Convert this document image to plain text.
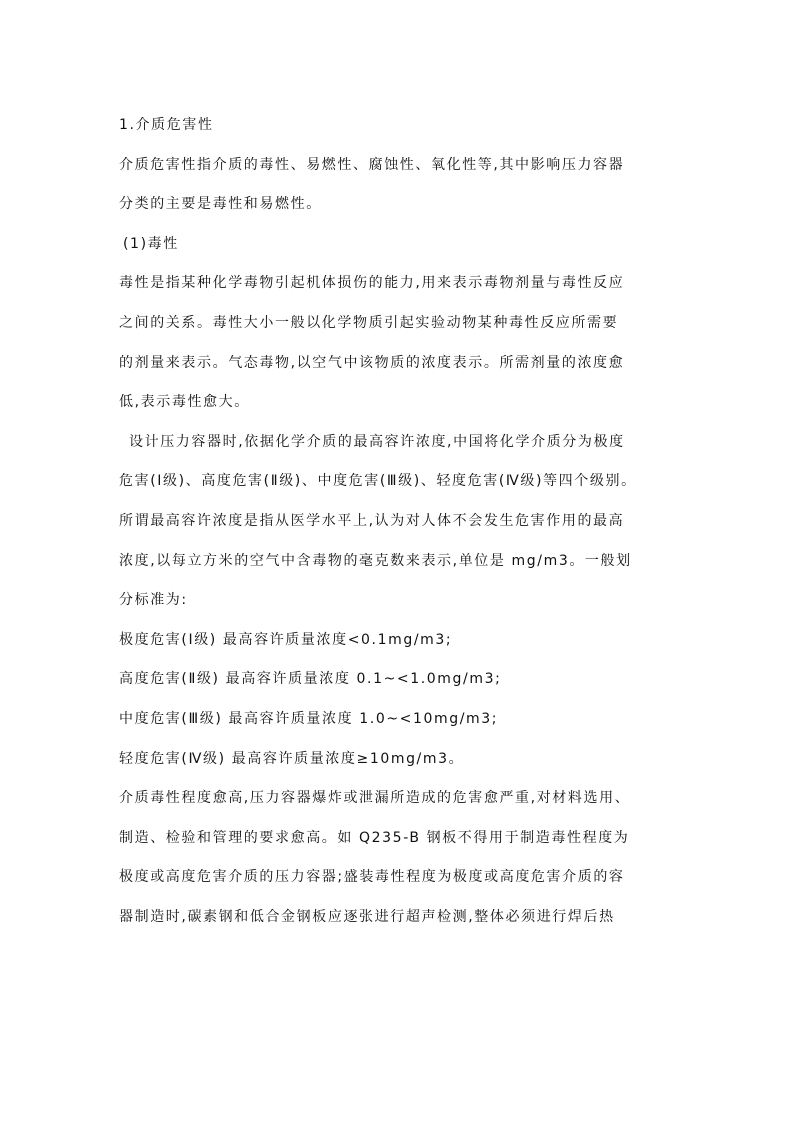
1.介质危害性
介质危害性指介质的毒性、易燃性、腐蚀性、氧化性等,其中影响压力容器
分类的主要是毒性和易燃性。
(1)毒性
毒性是指某种化学毒物引起机体损伤的能力,用来表示毒物剂量与毒性反应
之间的关系。毒性大小一般以化学物质引起实验动物某种毒性反应所需要
的剂量来表示。气态毒物,以空气中该物质的浓度表示。所需剂量的浓度愈
低,表示毒性愈大。
设计压力容器时,依据化学介质的最高容许浓度,中国将化学介质分为极度
危害(Ⅰ级)、高度危害(Ⅱ级)、中度危害(Ⅲ级)、轻度危害(Ⅳ级)等四个级别。
所谓最高容许浓度是指从医学水平上,认为对人体不会发生危害作用的最高
浓度,以每立方米的空气中含毒物的毫克数来表示,单位是 mg/m3。一般划
分标准为:
极度危害(Ⅰ级) 最高容许质量浓度<0.1mg/m3;
高度危害(Ⅱ级) 最高容许质量浓度 0.1~<1.0mg/m3;
中度危害(Ⅲ级) 最高容许质量浓度 1.0~<10mg/m3;
轻度危害(Ⅳ级) 最高容许质量浓度≥10mg/m3。
介质毒性程度愈高,压力容器爆炸或泄漏所造成的危害愈严重,对材料选用、
制造、检验和管理的要求愈高。如 Q235-B 钢板不得用于制造毒性程度为
极度或高度危害介质的压力容器;盛装毒性程度为极度或高度危害介质的容
器制造时,碳素钢和低合金钢板应逐张进行超声检测,整体必须进行焊后热
